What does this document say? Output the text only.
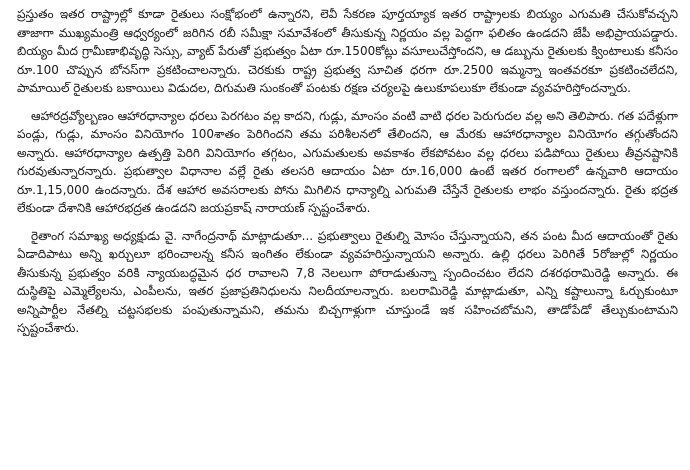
ప్రస్తుతం ఇతర రాష్ట్రాల్లో కూడా రైతులు సంక్షోభంలో ఉన్నారని, లెవీ సేకరణ పూర్తయ్యాక ఇతర రాష్ట్రాలకు బియ్యం ఎగుమతి చేసుకోవచ్చని తాజాగా ముఖ్యమంత్రి ఆధ్వర్యంలో జరిగిన రబీ సమీక్షా సమావేశంలో తీసుకున్న నిర్ణయం వల్ల పెద్దగా ఫలితం ఉండదని జేపీ అభిప్రాయపడ్డారు. బియ్యం మీద గ్రామీణాభివృద్ధి సెస్సు, వ్యాట్ పేరుతో ప్రభుత్వం ఏటా రూ.1500కోట్లు వసూలుచేస్తోందని, ఆ డబ్బును రైతులకు క్వింటాలుకు కనీసం రూ.100 చొప్పున బోనస్‌గా ప్రకటించాలన్నారు. చెరకుకు రాష్ట్ర ప్రభుత్వ సూచిత ధరగా రూ.2500 ఇమ్మన్నా ఇంతవరకూ ప్రకటించలేదని, పామాయిల్ రైతులకు బకాయిలు విడుదల, దిగుమతి సుంకంతో పంటకు రక్షణ చర్యలపై ఉలుకూపలుకూ లేకుండా వ్యవహరిస్తోందన్నారు.

ఆహారద్రవ్యోల్బణం ఆహారధాన్యాల ధరలు పెరగటం వల్ల కాదని, గుడ్లు, మాంసం వంటి వాటి ధరల పెరుగుదల వల్ల అని తెలిపారు. గత పదేళ్లుగా పండ్లు, గుడ్లు, మాంసం వినియోగం 100శాతం పెరిగిందని తమ పరిశీలనలో తేలిందని, ఆ మేరకు ఆహారధాన్యాల వినియోగం తగ్గుతోందని అన్నారు. ఆహారధాన్యాల ఉత్పత్తి పెరిగి వినియోగం తగ్గటం, ఎగుమతులకు అవకాశం లేకపోవటం వల్ల ధరలు పడిపోయి రైతులు తీవ్రనష్టానికి గురవుతున్నారన్నారు. ప్రభుత్వాల విధానాల వల్లే రైతు తలసరి ఆదాయం ఏటా రూ.16,000 ఉంటే ఇతర రంగాలలో ఉన్నవారి ఆదాయం రూ.1,15,000 ఉందన్నారు. దేశ ఆహార అవసరాలకు పోను మిగిలిన ధాన్యాల్ని ఎగుమతి చేస్తేనే రైతులకు లాభం వస్తుందన్నారు. రైతు భద్రత లేకుండా దేశానికి ఆహారభద్రత ఉండదని జయప్రకాష్ నారాయణ్ స్పష్టంచేశారు.

రైతాంగ సమాఖ్య అధ్యక్షుడు వై. నాగేంద్రనాథ్ మాట్లాడుతూ... ప్రభుత్వాలు రైతుల్ని మోసం చేస్తున్నాయని, తన పంట మీద ఆదాయంతో రైతు ఏడాదిపాటు అన్ని ఖర్చులూ భరించాలన్న కనీస ఇంగితం లేకుండా వ్యవహరిస్తున్నాయని అన్నారు. ఉల్లి ధరలు పెరిగితే 5రోజుల్లో నిర్ణయం తీసుకున్న ప్రభుత్వం వరికి న్యాయబద్ధమైన ధర రావాలని 7,8 నెలలుగా పోరాడుతున్నా స్పందించటం లేదని దశరథరామిరెడ్డి అన్నారు. ఈ దుస్థితిపై ఎమ్మెల్యేలను, ఎంపీలను, ఇతర ప్రజాప్రతినిధులను నిలదీయాలన్నారు. బలరామిరెడ్డి మాట్లాడుతూ, ఎన్ని కష్టాలున్నా ఓర్చుకుంటూ అన్నిపార్టీల నేతల్ని చట్టసభలకు పంపుతున్నామని, తమను బిచ్చగాళ్లుగా చూస్తుండే ఇక సహించబోమని, తాడోపేడో తేల్చుకుంటామని స్పష్టంచేశారు.
